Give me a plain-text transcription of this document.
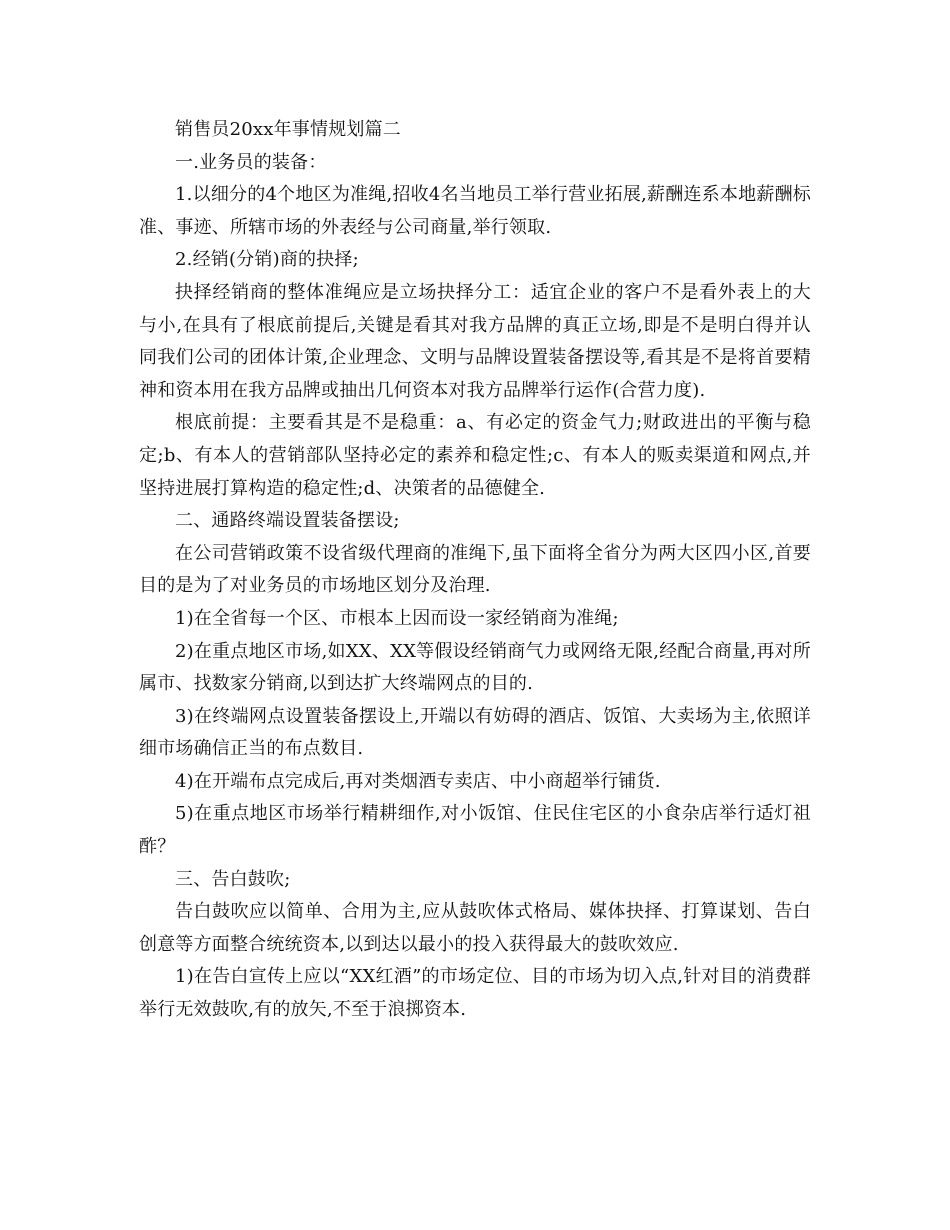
销售员20xx年事情规划篇二

一.业务员的装备：

1.以细分的4个地区为准绳,招收4名当地员工举行营业拓展,薪酬连系本地薪酬标准、事迹、所辖市场的外表经与公司商量,举行领取.

2.经销(分销)商的抉择;

抉择经销商的整体准绳应是立场抉择分工：适宜企业的客户不是看外表上的大与小,在具有了根底前提后,关键是看其对我方品牌的真正立场,即是不是明白得并认同我们公司的团体计策,企业理念、文明与品牌设置装备摆设等,看其是不是将首要精神和资本用在我方品牌或抽出几何资本对我方品牌举行运作(合营力度).

根底前提：主要看其是不是稳重：a、有必定的资金气力;财政进出的平衡与稳定;b、有本人的营销部队坚持必定的素养和稳定性;c、有本人的贩卖渠道和网点,并坚持进展打算构造的稳定性;d、决策者的品德健全.

二、通路终端设置装备摆设;

在公司营销政策不设省级代理商的准绳下,虽下面将全省分为两大区四小区,首要目的是为了对业务员的市场地区划分及治理.

1)在全省每一个区、市根本上因而设一家经销商为准绳;

2)在重点地区市场,如XX、XX等假设经销商气力或网络无限,经配合商量,再对所属市、找数家分销商,以到达扩大终端网点的目的.

3)在终端网点设置装备摆设上,开端以有妨碍的酒店、饭馆、大卖场为主,依照详细市场确信正当的布点数目.

4)在开端布点完成后,再对类烟酒专卖店、中小商超举行铺货.

5)在重点地区市场举行精耕细作,对小饭馆、住民住宅区的小食杂店举行适灯祖酢？

三、告白鼓吹;

告白鼓吹应以简单、合用为主,应从鼓吹体式格局、媒体抉择、打算谋划、告白创意等方面整合统统资本,以到达以最小的投入获得最大的鼓吹效应.

1)在告白宣传上应以“XX红酒”的市场定位、目的市场为切入点,针对目的消费群举行无效鼓吹,有的放矢,不至于浪掷资本.
